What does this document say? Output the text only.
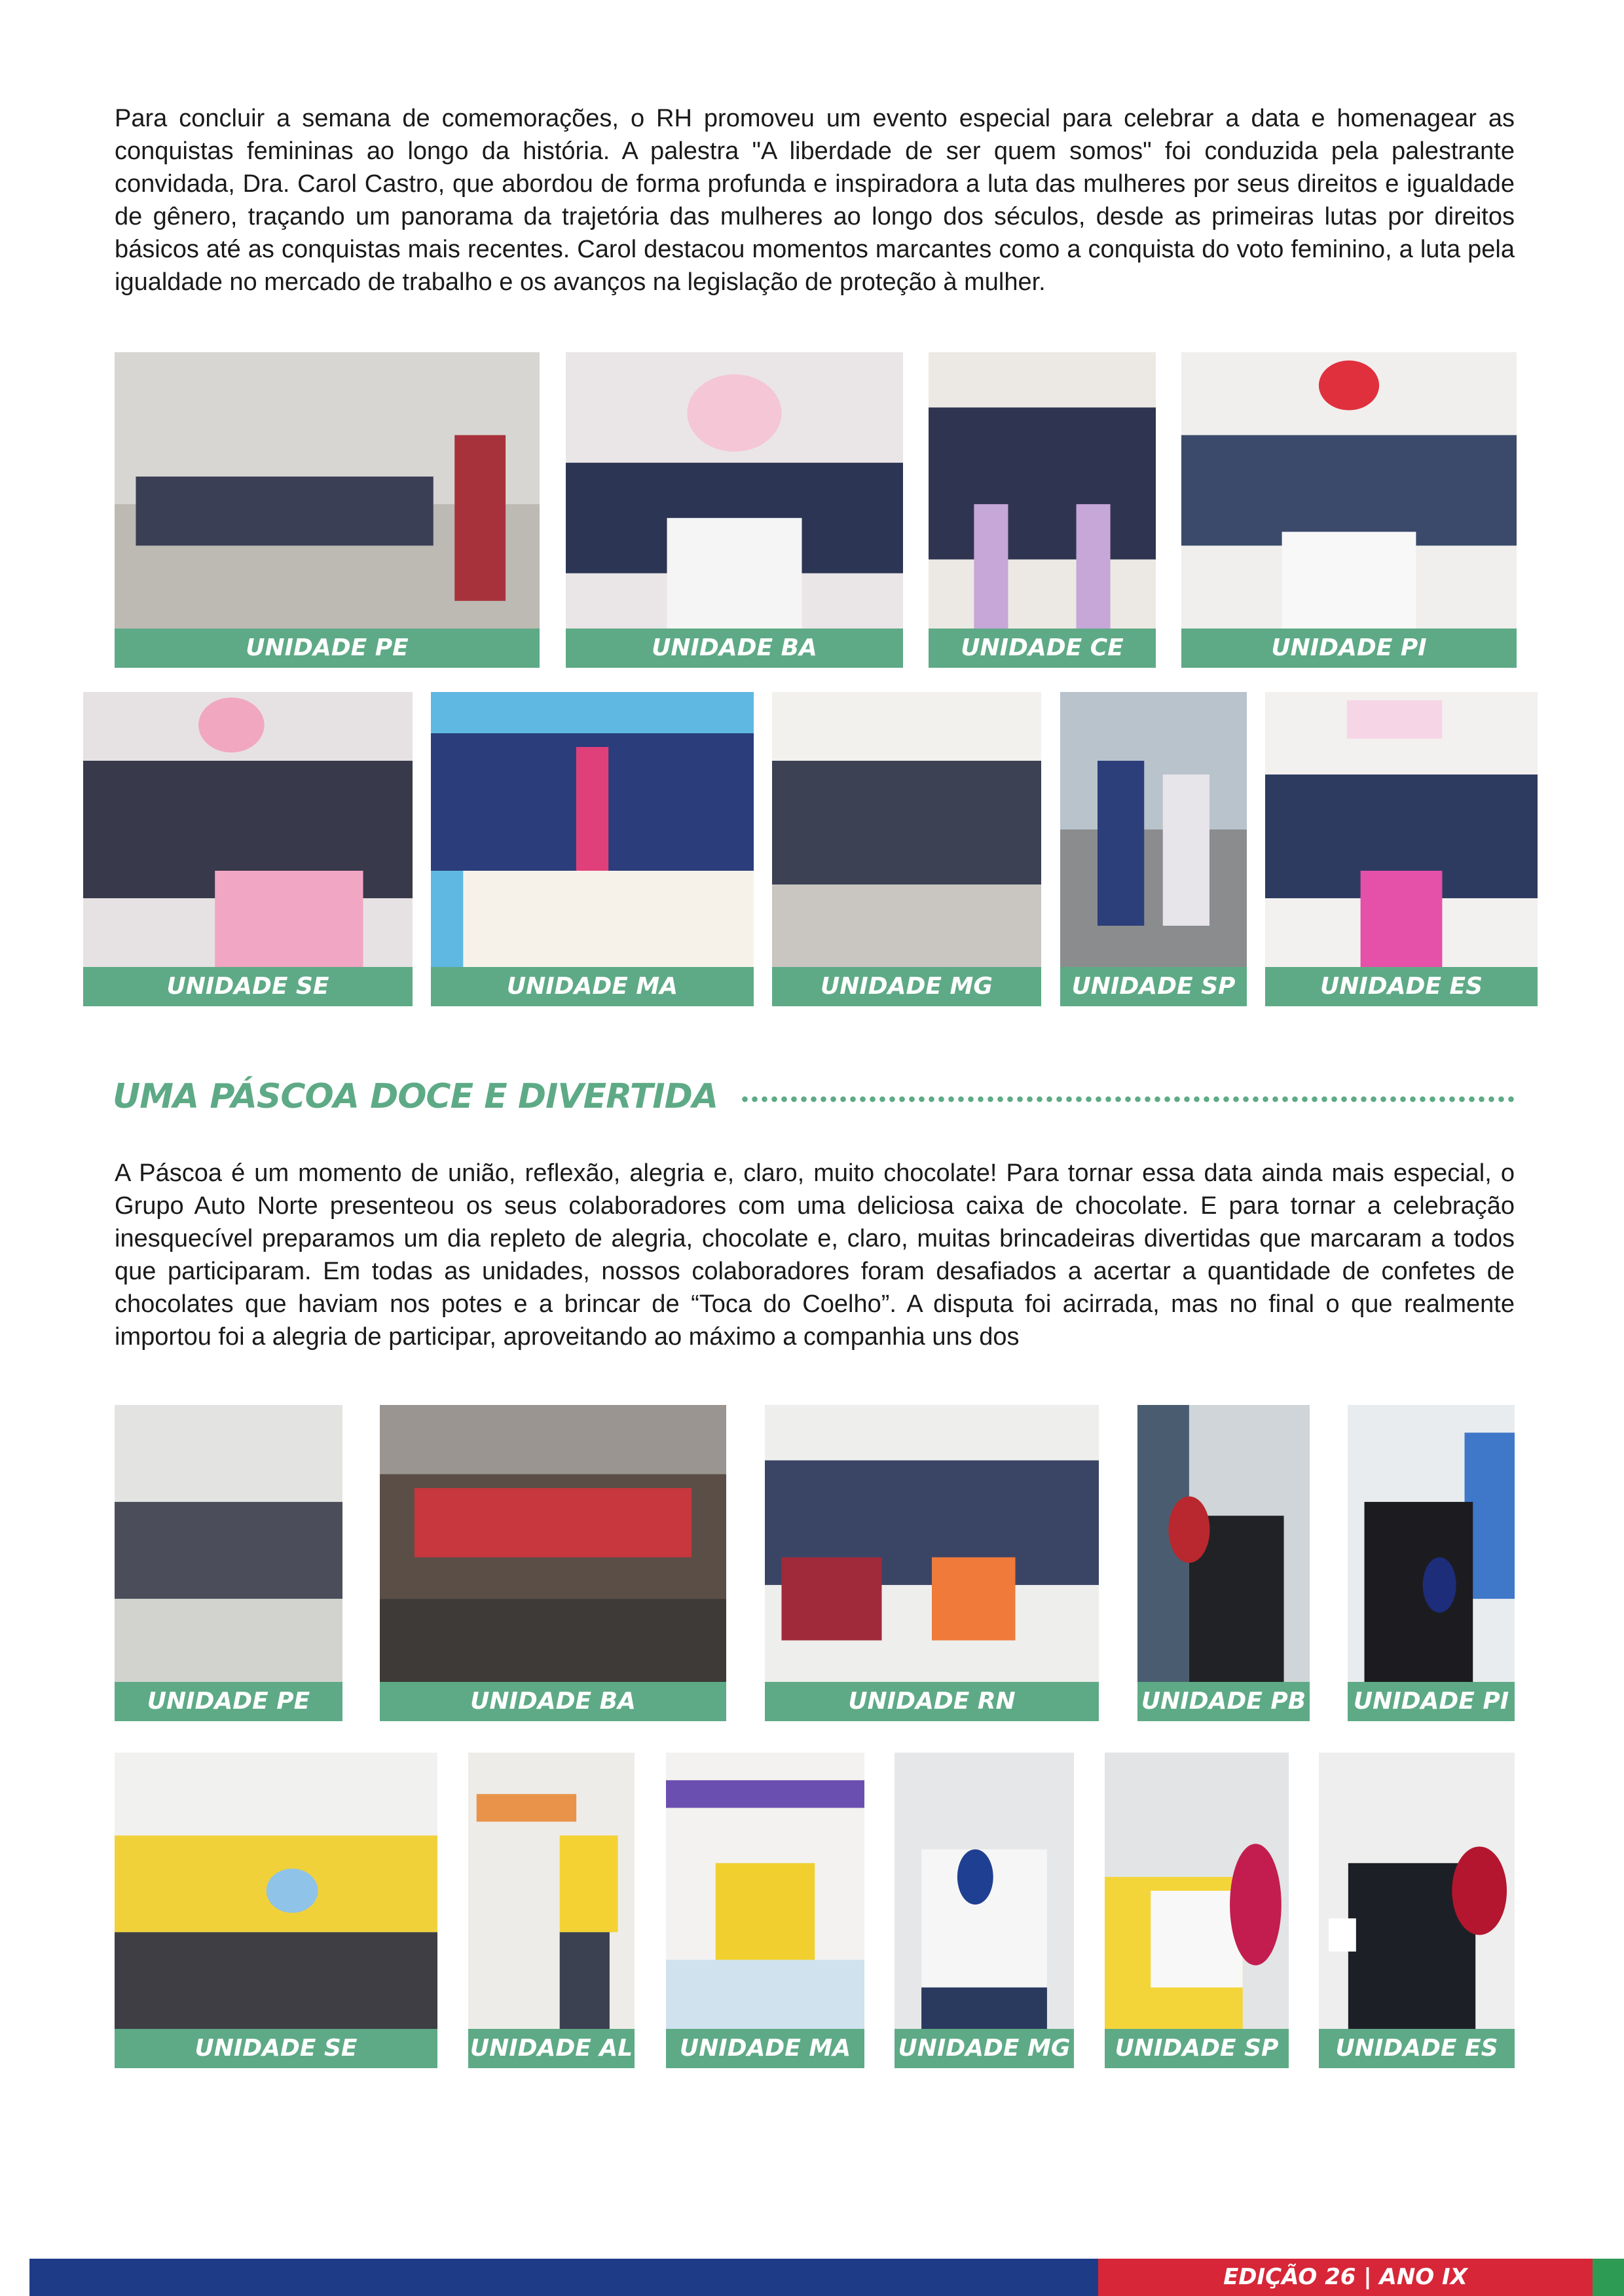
Para concluir a semana de comemorações, o RH promoveu um evento especial para celebrar a data e homenagear as conquistas femininas ao longo da história. A palestra "A liberdade de ser quem somos" foi conduzida pela palestrante convidada, Dra. Carol Castro, que abordou de forma profunda e inspiradora a luta das mulheres por seus direitos e igualdade de gênero, traçando um panorama da trajetória das mulheres ao longo dos séculos, desde as primeiras lutas por direitos básicos até as conquistas mais recentes. Carol destacou momentos marcantes como a conquista do voto feminino, a luta pela igualdade no mercado de trabalho e os avanços na legislação de proteção à mulher.

UNIDADE PE	UNIDADE BA	UNIDADE CE	UNIDADE PI
UNIDADE SE	UNIDADE MA	UNIDADE MG	UNIDADE SP	UNIDADE ES
UMA PÁSCOA DOCE E DIVERTIDA

A Páscoa é um momento de união, reflexão, alegria e, claro, muito chocolate! Para tornar essa data ainda mais especial, o Grupo Auto Norte presenteou os seus colaboradores com uma deliciosa caixa de chocolate. E para tornar a celebração inesquecível preparamos um dia repleto de alegria, chocolate e, claro, muitas brincadeiras divertidas que marcaram a todos que participaram. Em todas as unidades, nossos colaboradores foram desafiados a acertar a quantidade de confetes de chocolates que haviam nos potes e a brincar de “Toca do Coelho”. A disputa foi acirrada, mas no final o que realmente importou foi a alegria de participar, aproveitando ao máximo a companhia uns dos

UNIDADE PE	UNIDADE BA	UNIDADE RN	UNIDADE PB UNIDADE PI
UNIDADE SE	UNIDADE AL	UNIDADE MA	UNIDADE MG	UNIDADE SP	UNIDADE ES
EDIÇÃO 26 | ANO IX
